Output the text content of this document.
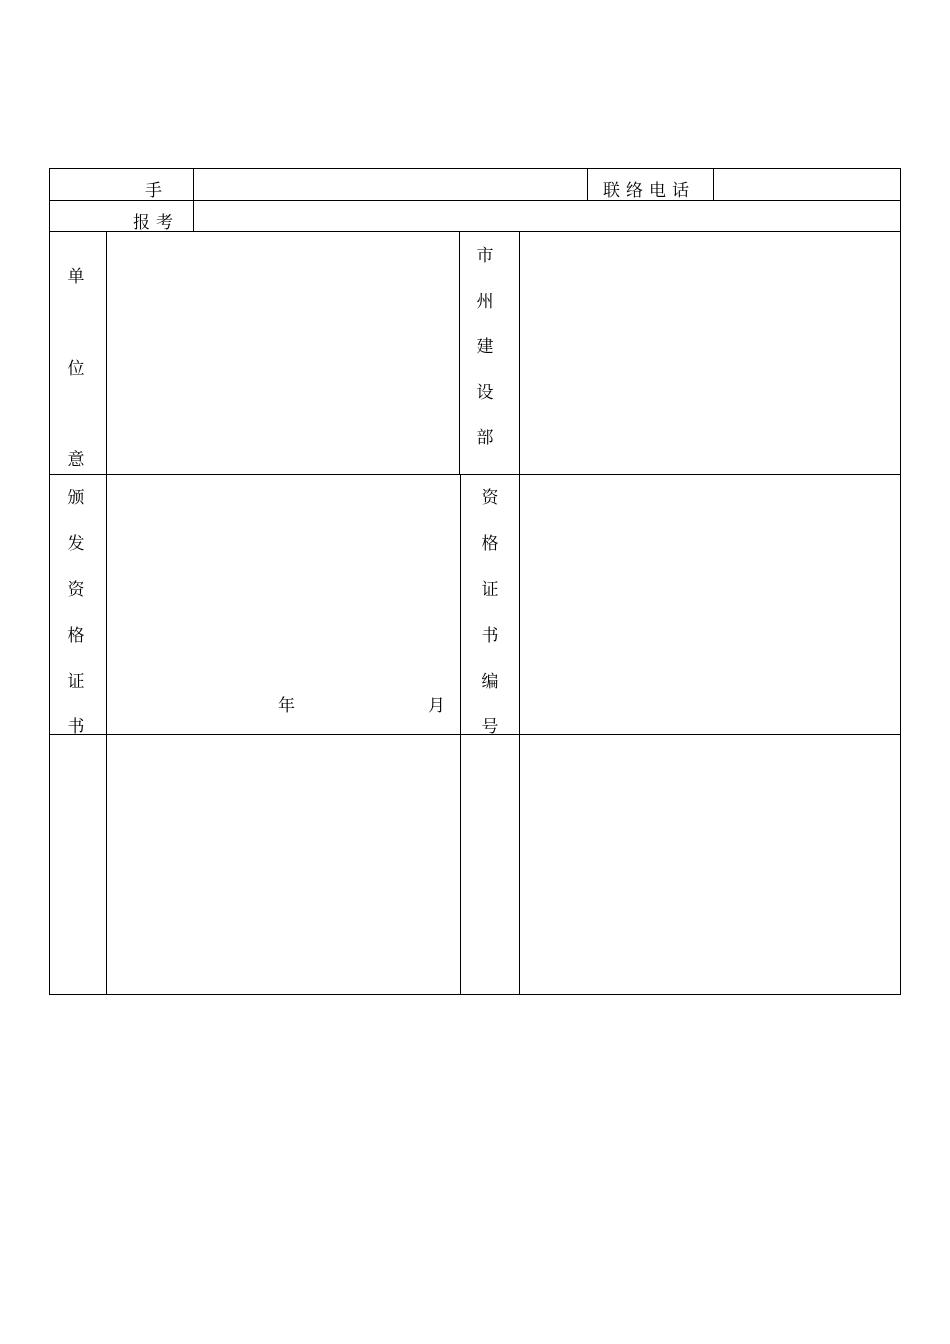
手	联络电话
报考
单
位
意
市
州
建
设
部
颁
发
资
格
证
书
年	月
资
格
证
书
编
号
